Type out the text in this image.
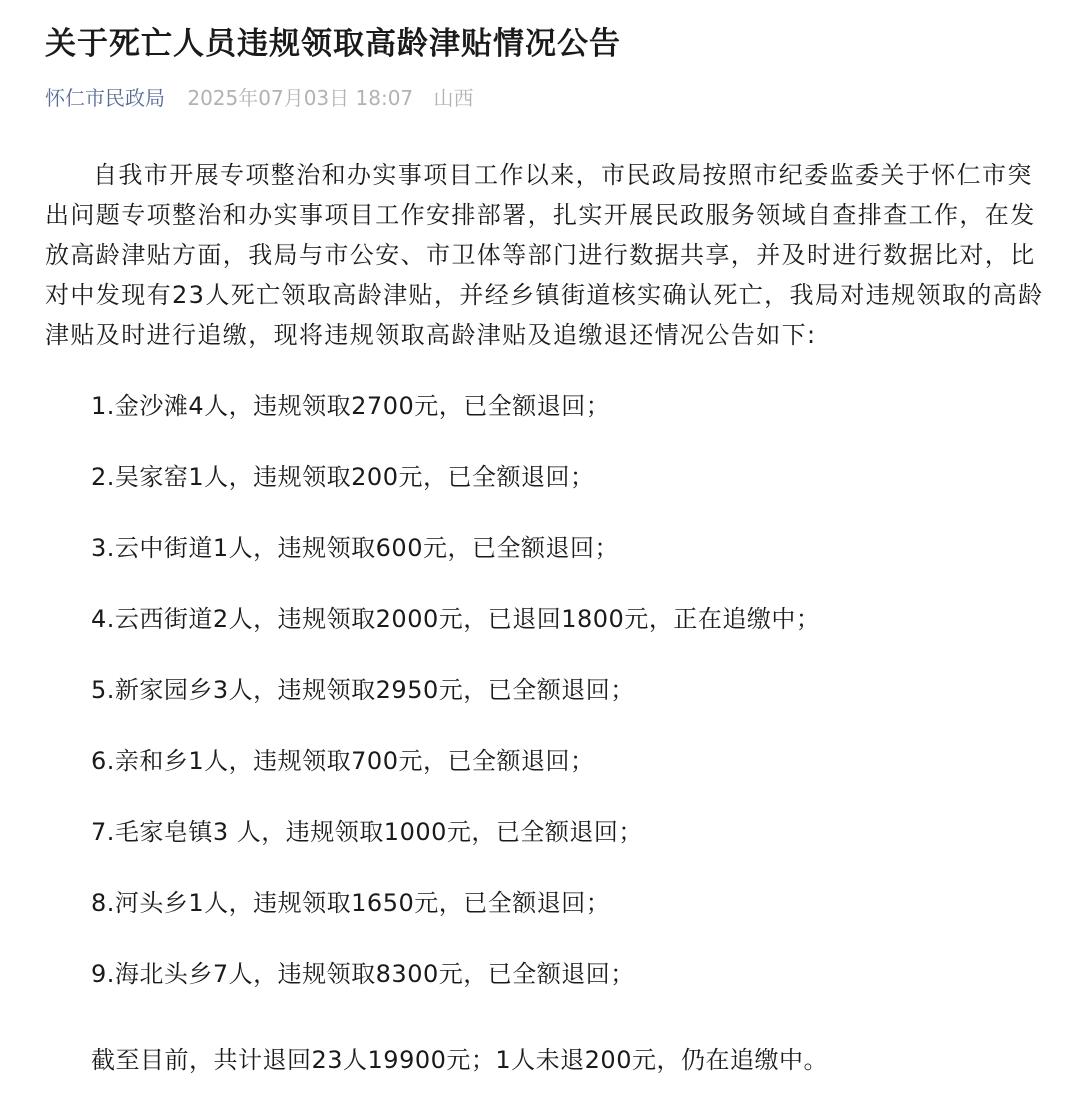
关于死亡人员违规领取高龄津贴情况公告
怀仁市民政局 2025年07月03日 18:07 山西

自我市开展专项整治和办实事项目工作以来，市民政局按照市纪委监委关于怀仁市突出问题专项整治和办实事项目工作安排部署，扎实开展民政服务领域自查排查工作，在发放高龄津贴方面，我局与市公安、市卫体等部门进行数据共享，并及时进行数据比对，比对中发现有23人死亡领取高龄津贴，并经乡镇街道核实确认死亡，我局对违规领取的高龄津贴及时进行追缴，现将违规领取高龄津贴及追缴退还情况公告如下:

1.金沙滩4人，违规领取2700元，已全额退回；
2.吴家窑1人，违规领取200元，已全额退回；
3.云中街道1人，违规领取600元，已全额退回；
4.云西街道2人，违规领取2000元，已退回1800元，正在追缴中；
5.新家园乡3人，违规领取2950元，已全额退回；
6.亲和乡1人，违规领取700元，已全额退回；
7.毛家皂镇3 人，违规领取1000元，已全额退回；
8.河头乡1人，违规领取1650元，已全额退回；
9.海北头乡7人，违规领取8300元，已全额退回；

截至目前，共计退回23人19900元；1人未退200元，仍在追缴中。
